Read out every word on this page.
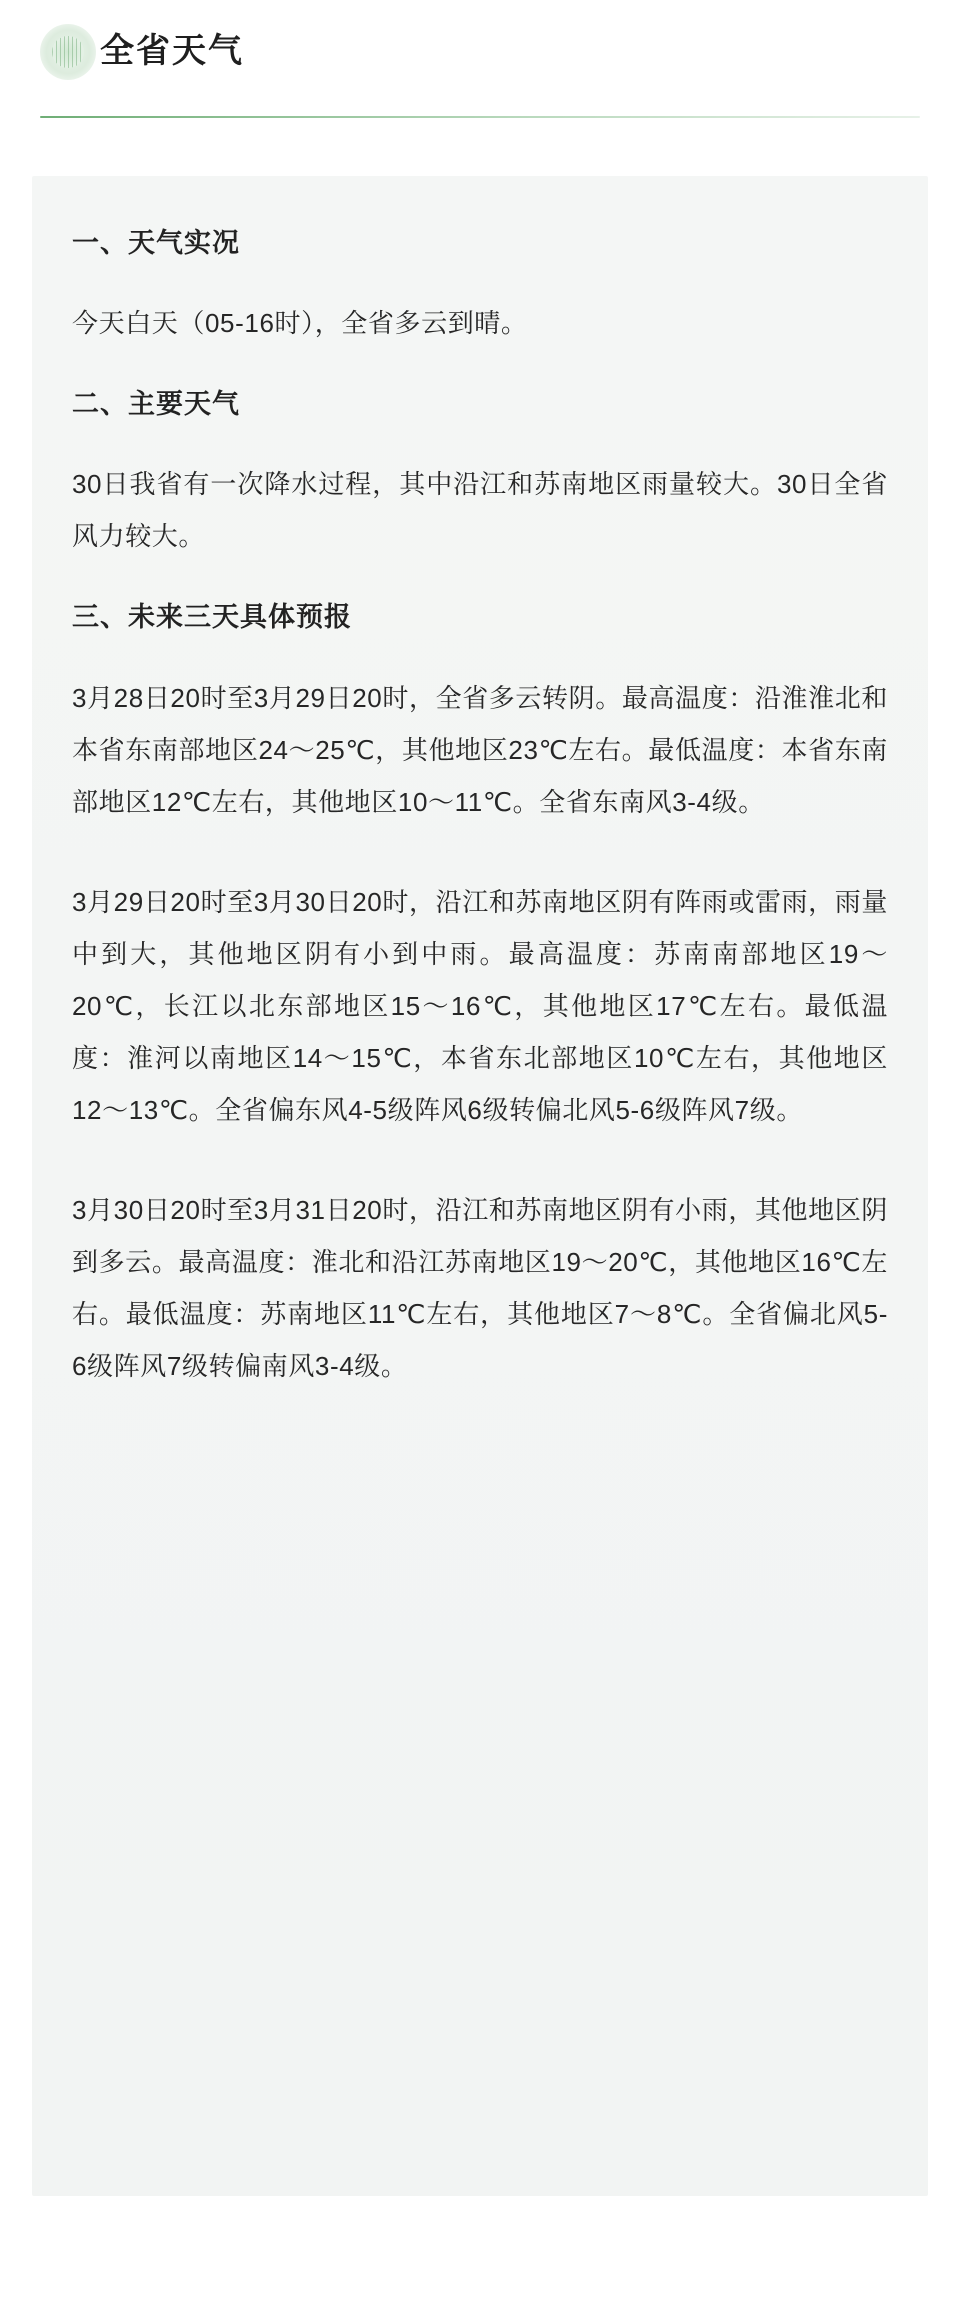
全省天气
一、天气实况
今天白天（05-16时），全省多云到晴。
二、主要天气
30日我省有一次降水过程，其中沿江和苏南地区雨量较大。30日全省风力较大。
三、未来三天具体预报
3月28日20时至3月29日20时，全省多云转阴。最高温度：沿淮淮北和本省东南部地区24～25℃，其他地区23℃左右。最低温度：本省东南部地区12℃左右，其他地区10～11℃。全省东南风3-4级。
3月29日20时至3月30日20时，沿江和苏南地区阴有阵雨或雷雨，雨量中到大，其他地区阴有小到中雨。最高温度：苏南南部地区19～20℃，长江以北东部地区15～16℃，其他地区17℃左右。最低温度：淮河以南地区14～15℃，本省东北部地区10℃左右，其他地区12～13℃。全省偏东风4-5级阵风6级转偏北风5-6级阵风7级。
3月30日20时至3月31日20时，沿江和苏南地区阴有小雨，其他地区阴到多云。最高温度：淮北和沿江苏南地区19～20℃，其他地区16℃左右。最低温度：苏南地区11℃左右，其他地区7～8℃。全省偏北风5-6级阵风7级转偏南风3-4级。
